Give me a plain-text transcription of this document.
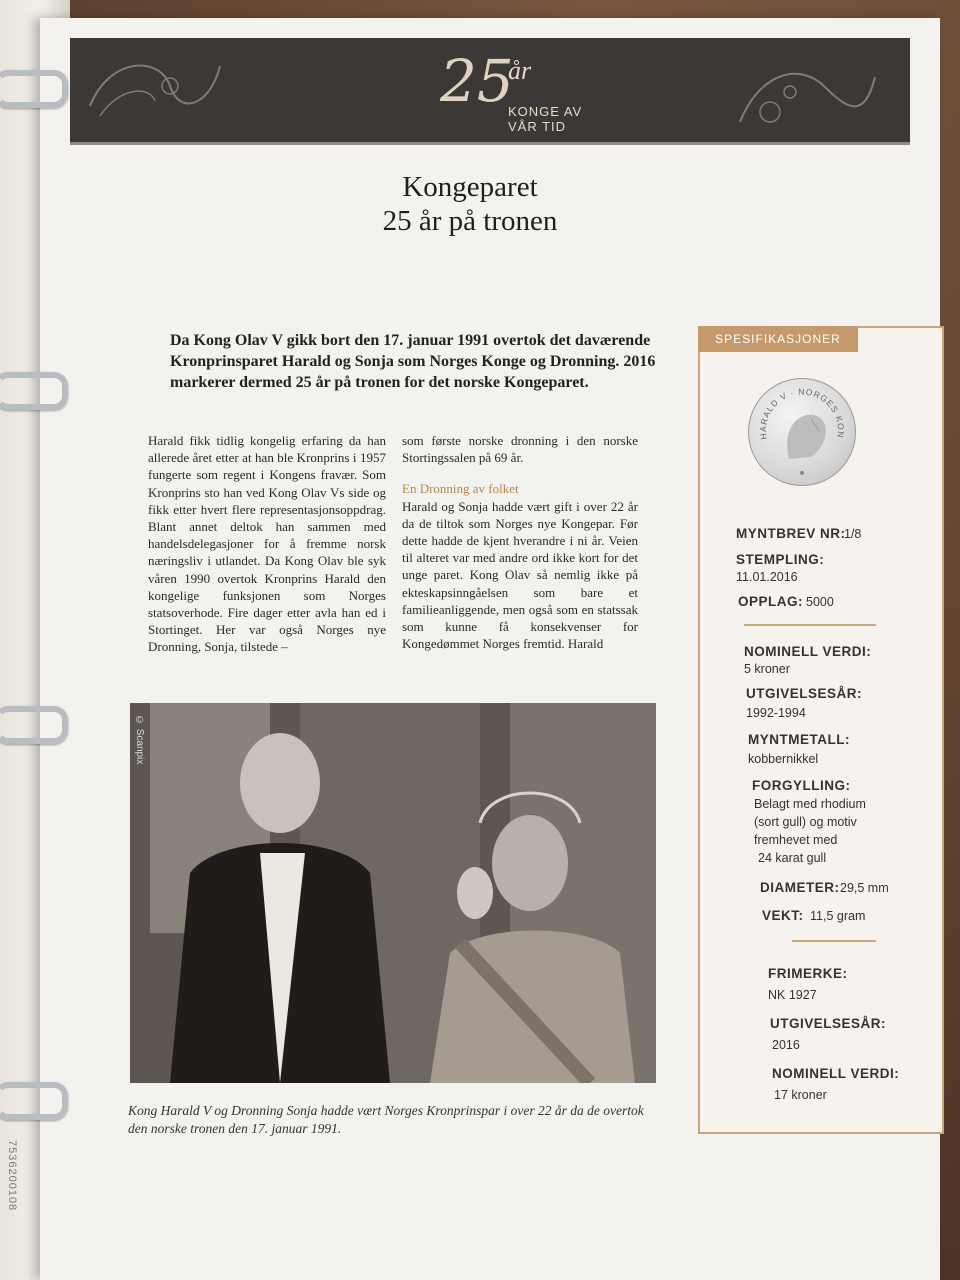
7536200108
25
år
KONGE AV
VÅR TID
Kongeparet
25 år på tronen
Da Kong Olav V gikk bort den 17. januar 1991 overtok det daværende Kronprinsparet Harald og Sonja som Norges Konge og Dronning. 2016 markerer dermed 25 år på tronen for det norske Kongeparet.

Harald fikk tidlig kongelig erfaring da han allerede året etter at han ble Kronprins i 1957 fungerte som regent i Kongens fravær. Som Kronprins sto han ved Kong Olav Vs side og fikk etter hvert flere representasjonsoppdrag. Blant annet deltok han sammen med handelsdelegasjoner for å fremme norsk næringsliv i utlandet. Da Kong Olav ble syk våren 1990 overtok Kronprins Harald den kongelige funksjonen som Norges statsoverhode. Fire dager etter avla han ed i Stortinget. Her var også Norges nye Dronning, Sonja, tilstede –

som første norske dronning i den norske Stortingssalen på 69 år.

En Dronning av folket

Harald og Sonja hadde vært gift i over 22 år da de tiltok som Norges nye Kongepar. Før dette hadde de kjent hverandre i ni år. Veien til alteret var med andre ord ikke kort for det unge paret. Kong Olav så nemlig ikke på ekteskapsinngåelsen som bare et familieanliggende, men også som en statssak som kunne få konsekvenser for Kongedømmet Norges fremtid. Harald

© Scanpix
Kong Harald V og Dronning Sonja hadde vært Norges Kronprinspar i over 22 år da de overtok den norske tronen den 17. januar 1991.
SPESIFIKASJONER
HARALD V · NORGES KON
MYNTBREV NR:
1/8
STEMPLING:
11.01.2016
OPPLAG: 5000
NOMINELL VERDI:
5 kroner
UTGIVELSESÅR:
1992-1994
MYNTMETALL:
kobbernikkel
FORGYLLING:
Belagt med rhodium
(sort gull) og motiv
fremhevet med
24 karat gull
DIAMETER: 29,5 mm
VEKT: 11,5 gram
FRIMERKE:
NK 1927
UTGIVELSESÅR:
2016
NOMINELL VERDI:
17 kroner
